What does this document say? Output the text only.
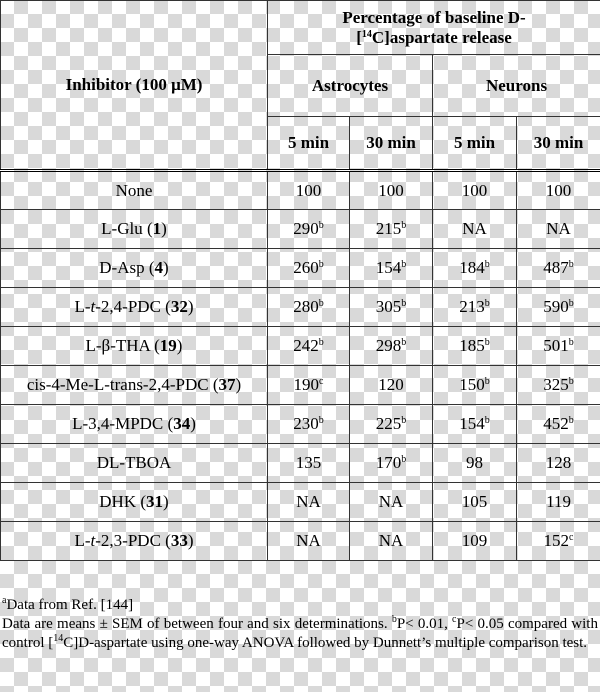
Inhibitor (100 μM)	Percentage of baseline D-
[$^{14}$C]aspartate release			
	Astrocytes		Neurons	
	5 min	30 min	5 min	30 min
None	100	100	100	100
L-Glu (1)	290$^b$	215$^b$	NA	NA
D-Asp (4)	260$^b$	154$^b$	184$^b$	487$^b$
L-t-2,4-PDC (32)	280$^b$	305$^b$	213$^b$	590$^b$
L-β-THA (19)	242$^b$	298$^b$	185$^b$	501$^b$
cis-4-Me-L-trans-2,4-PDC (37)	190$^c$	120	150$^b$	325$^b$
L-3,4-MPDC (34)	230$^b$	225$^b$	154$^b$	452$^b$
DL-TBOA	135	170$^b$	98	128
DHK (31)	NA	NA	105	119
L-t-2,3-PDC (33)	NA	NA	109	152$^c$

$^a$Data from Ref. [144]

Data are means ± SEM of between four and six determinations. $^b$P< 0.01, $^c$P< 0.05 compared with control [$^{14}$C]D-aspartate using one-way ANOVA followed by Dunnett’s multiple comparison test.
